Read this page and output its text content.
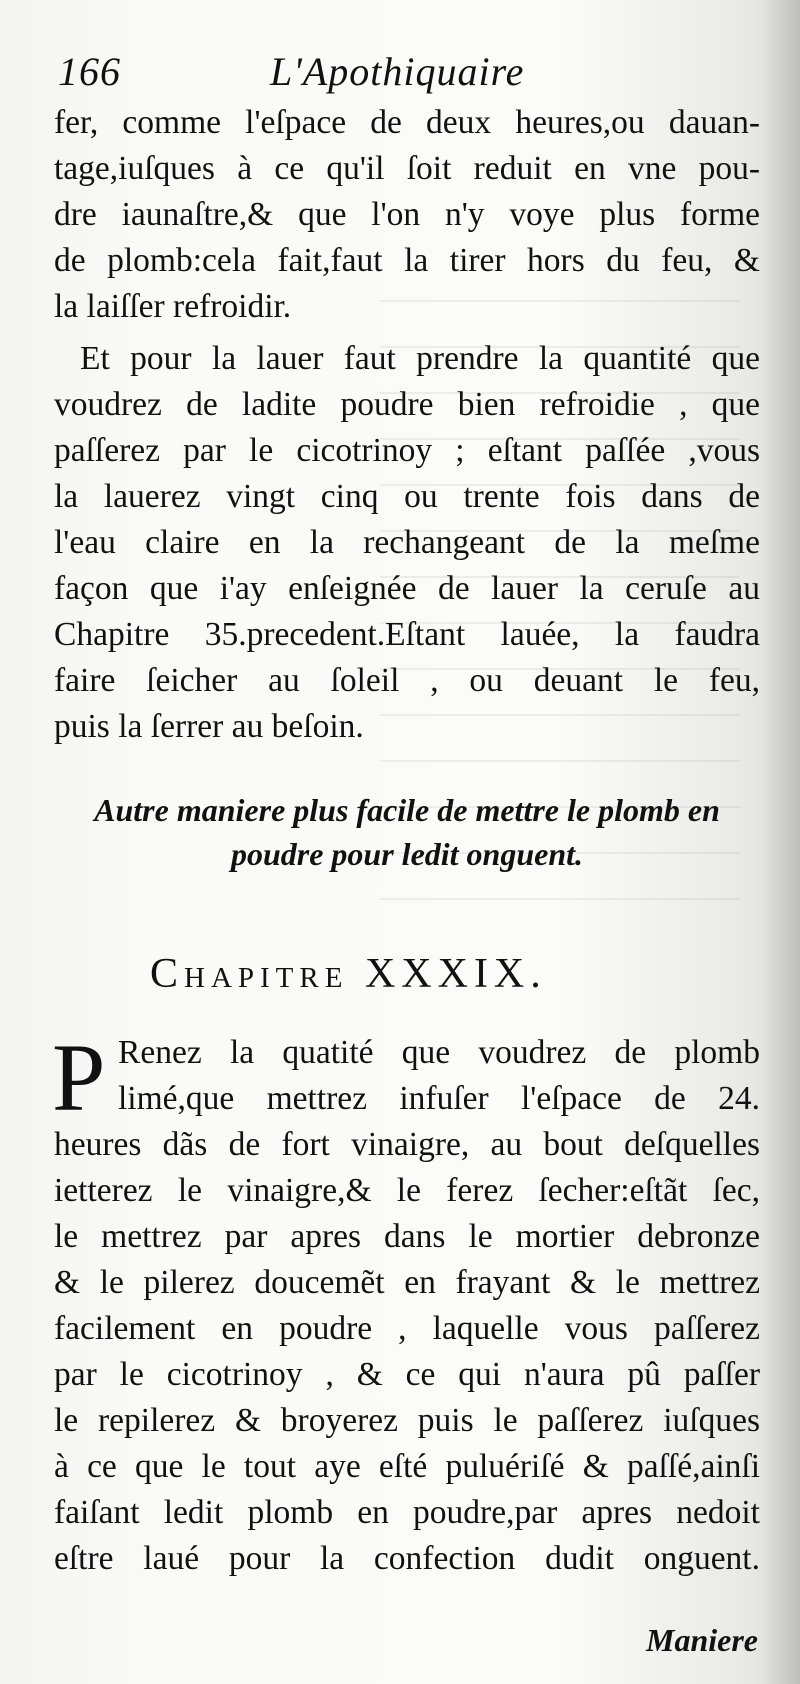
166	L'Apothiquaire
fer, comme l'eſpace de deux heures,ou dauan-
tage,iuſques à ce qu'il ſoit reduit en vne pou-
dre iaunaſtre,& que l'on n'y voye plus forme
de plomb:cela fait,faut la tirer hors du feu, &
la laiſſer refroidir.
Et pour la lauer faut prendre la quantité que
voudrez de ladite poudre bien refroidie , que
paſſerez par le cicotrinoy ; eſtant paſſée ,vous
la lauerez vingt cinq ou trente fois dans de
l'eau claire en la rechangeant de la meſme
façon que i'ay enſeignée de lauer la ceruſe au
Chapitre 35.precedent.Eſtant lauée, la faudra
faire ſeicher au ſoleil , ou deuant le feu,
puis la ſerrer au beſoin.
Autre maniere plus facile de mettre le plomb en
poudre pour ledit onguent.
Chapitre XXXIX.
P Renez la quatité que voudrez de plomb
limé,que mettrez infuſer l'eſpace de 24.
heures dãs de fort vinaigre, au bout deſquelles
ietterez le vinaigre,& le ferez ſecher:eſtãt ſec,
le mettrez par apres dans le mortier debronze
& le pilerez doucemẽt en frayant & le mettrez
facilement en poudre , laquelle vous paſſerez
par le cicotrinoy , & ce qui n'aura pû paſſer
le repilerez & broyerez puis le paſſerez iuſques
à ce que le tout aye eſté puluériſé & paſſé,ainſi
faiſant ledit plomb en poudre,par apres nedoit
eſtre laué pour la confection dudit onguent.
Maniere
